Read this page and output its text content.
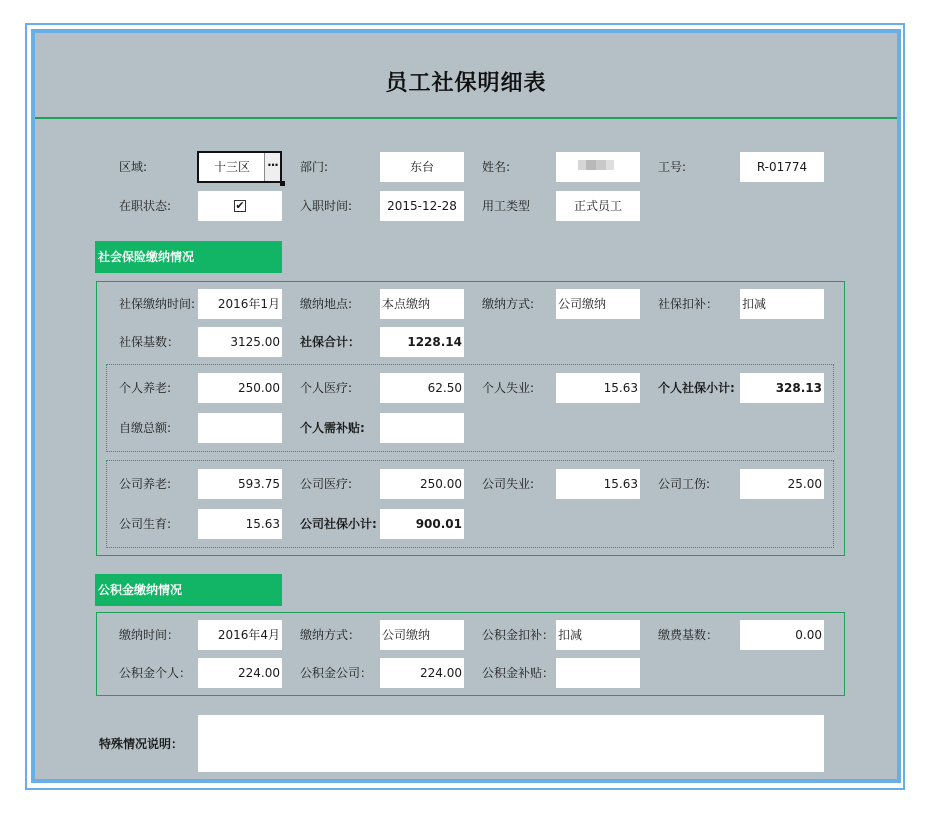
员工社保明细表
区域:	十三区	··· 部门:	东台	姓名:	工号:	R-01774
在职状态:	✔	入职时间:	2015-12-28	用工类型	正式员工
社会保险缴纳情况
社保缴纳时间:	2016年1月 缴纳地点: 本点缴纳	缴纳方式: 公司缴纳	社保扣补： 扣减
社保基数：	3125.00 社保合计：	1228.14
个人养老:	250.00 个人医疗:	62.50 个人失业:	15.63 个人社保小计:	328.13
自缴总额:	个人需补贴:
公司养老:	593.75 公司医疗:	250.00 公司失业:	15.63 公司工伤:	25.00
公司生育:	15.63 公司社保小计:	900.01
公积金缴纳情况
缴纳时间：	2016年4月 缴纳方式： 公司缴纳	公积金扣补： 扣减	缴费基数：	0.00
公积金个人：	224.00 公积金公司：	224.00 公积金补贴：
特殊情况说明：
